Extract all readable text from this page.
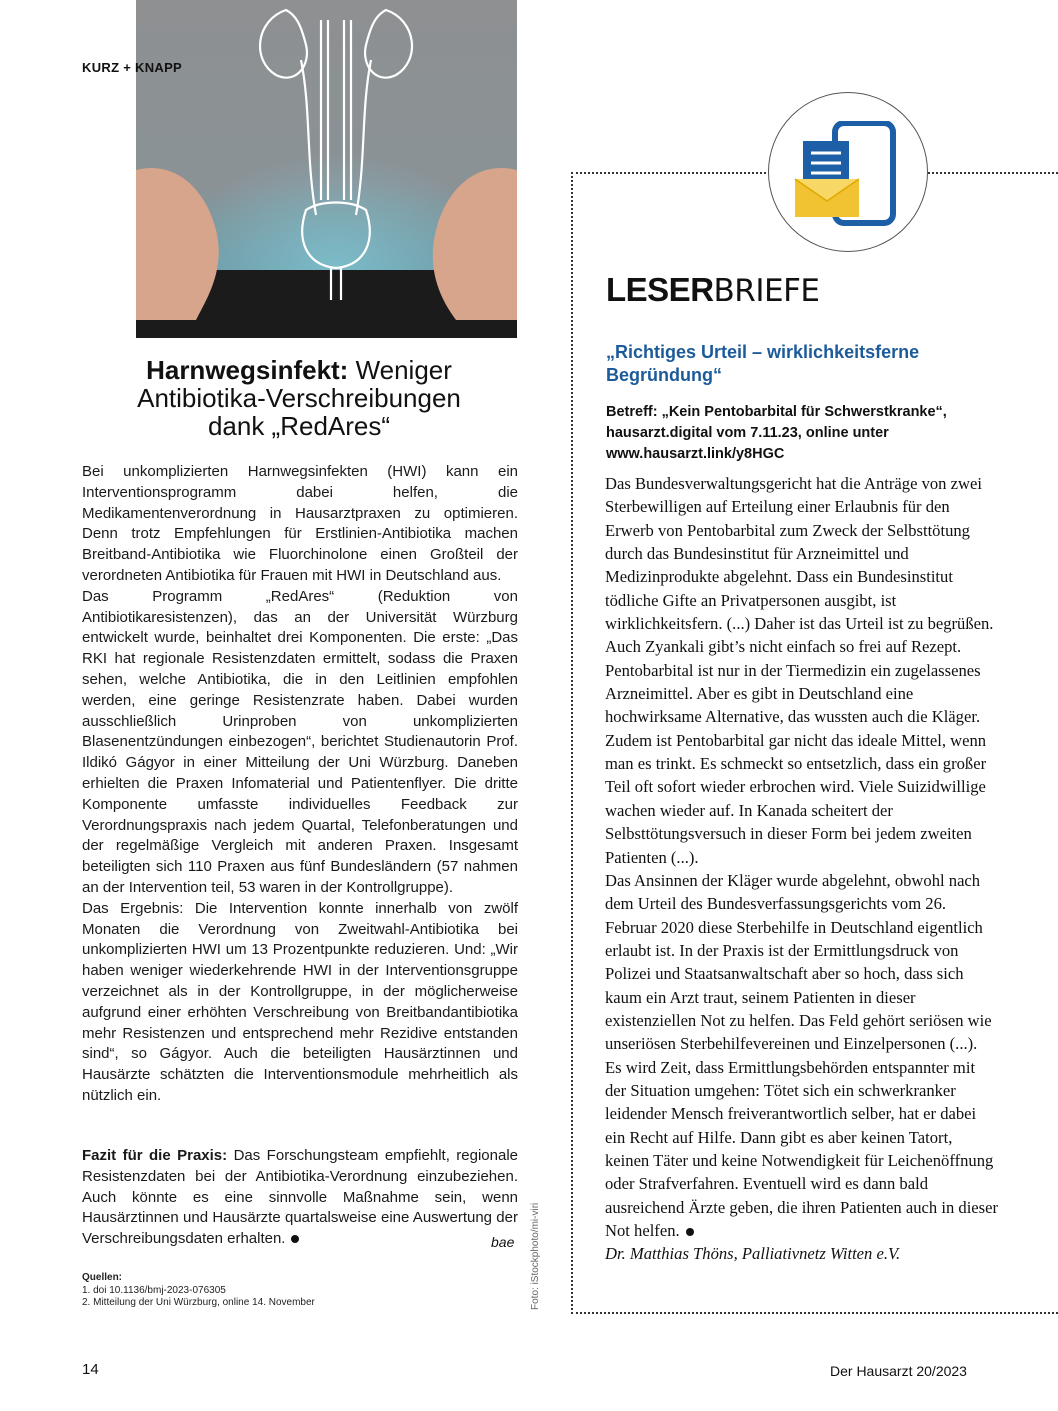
KURZ + KNAPP
Harnwegsinfekt: Weniger
Antibiotika-Verschreibungen
dank „RedAres“

Bei unkomplizierten Harnwegsinfekten (HWI) kann ein Interventionsprogramm dabei helfen, die Medikamentenverordnung in Hausarztpraxen zu optimieren. Denn trotz Empfehlungen für Erstlinien-Antibiotika machen Breitband-Antibiotika wie Fluorchinolone einen Großteil der verordneten Antibiotika für Frauen mit HWI in Deutschland aus.

Das Programm „RedAres“ (Reduktion von Antibiotikaresistenzen), das an der Universität Würzburg entwickelt wurde, beinhaltet drei Komponenten. Die erste: „Das RKI hat regionale Resistenzdaten ermittelt, sodass die Praxen sehen, welche Antibiotika, die in den Leitlinien empfohlen werden, eine geringe Resistenzrate haben. Dabei wurden ausschließlich Urinproben von unkomplizierten Blasenentzündungen einbezogen“, berichtet Studienautorin Prof. Ildikó Gágyor in einer Mitteilung der Uni Würzburg. Daneben erhielten die Praxen Infomaterial und Patientenflyer. Die dritte Komponente umfasste individuelles Feedback zur Verordnungspraxis nach jedem Quartal, Telefonberatungen und der regelmäßige Vergleich mit anderen Praxen. Insgesamt beteiligten sich 110 Praxen aus fünf Bundesländern (57 nahmen an der Intervention teil, 53 waren in der Kontrollgruppe).

Das Ergebnis: Die Intervention konnte innerhalb von zwölf Monaten die Verordnung von Zweitwahl-Antibiotika bei unkomplizierten HWI um 13 Prozentpunkte reduzieren. Und: „Wir haben weniger wiederkehrende HWI in der Interventionsgruppe verzeichnet als in der Kontrollgruppe, in der möglicherweise aufgrund einer erhöhten Verschreibung von Breitbandantibiotika mehr Resistenzen und entsprechend mehr Rezidive entstanden sind“, so Gágyor. Auch die beteiligten Hausärztinnen und Hausärzte schätzten die Interventionsmodule mehrheitlich als nützlich ein.

Fazit für die Praxis: Das Forschungsteam empfiehlt, regionale Resistenzdaten bei der Antibiotika-Verordnung einzubeziehen. Auch könnte es eine sinnvolle Maßnahme sein, wenn Hausärztinnen und Hausärzte quartalsweise eine Auswertung der Verschreibungsdaten erhalten.	bae
Quellen:
1. doi 10.1136/bmj-2023-076305
2. Mitteilung der Uni Würzburg, online 14. November	Foto: iStockphoto/mi-viri
LESERBRIEFE
„Richtiges Urteil – wirklichkeitsferne Begründung“
Betreff: „Kein Pentobarbital für Schwerstkranke“,
hausarzt.digital vom 7.11.23, online unter
www.hausarzt.link/y8HGC

Das Bundesverwaltungsgericht hat die Anträge von zwei Sterbewilligen auf Erteilung einer Erlaubnis für den Erwerb von Pentobarbital zum Zweck der Selbsttötung durch das Bundesinstitut für Arzneimittel und Medizinprodukte abgelehnt. Dass ein Bundesinstitut tödliche Gifte an Privatpersonen ausgibt, ist wirklichkeitsfern. (...) Daher ist das Urteil ist zu begrüßen. Auch Zyankali gibt’s nicht einfach so frei auf Rezept. Pentobarbital ist nur in der Tiermedizin ein zugelassenes Arzneimittel. Aber es gibt in Deutschland eine hochwirksame Alternative, das wussten auch die Kläger. Zudem ist Pentobarbital gar nicht das ideale Mittel, wenn man es trinkt. Es schmeckt so entsetzlich, dass ein großer Teil oft sofort wieder erbrochen wird. Viele Suizidwillige wachen wieder auf. In Kanada scheitert der Selbsttötungsversuch in dieser Form bei jedem zweiten Patienten (...).

Das Ansinnen der Kläger wurde abgelehnt, obwohl nach dem Urteil des Bundesverfassungsgerichts vom 26. Februar 2020 diese Sterbehilfe in Deutschland eigentlich erlaubt ist. In der Praxis ist der Ermittlungsdruck von Polizei und Staatsanwaltschaft aber so hoch, dass sich kaum ein Arzt traut, seinem Patienten in dieser existenziellen Not zu helfen. Das Feld gehört seriösen wie unseriösen Sterbehilfevereinen und Einzelpersonen (...).

Es wird Zeit, dass Ermittlungsbehörden entspannter mit der Situation umgehen: Tötet sich ein schwerkranker leidender Mensch freiverantwortlich selber, hat er dabei ein Recht auf Hilfe. Dann gibt es aber keinen Tatort, keinen Täter und keine Notwendigkeit für Leichenöffnung oder Strafverfahren. Eventuell wird es dann bald ausreichend Ärzte geben, die ihren Patienten auch in dieser Not helfen.

Dr. Matthias Thöns, Palliativnetz Witten e.V.

14	Der Hausarzt 20/2023
